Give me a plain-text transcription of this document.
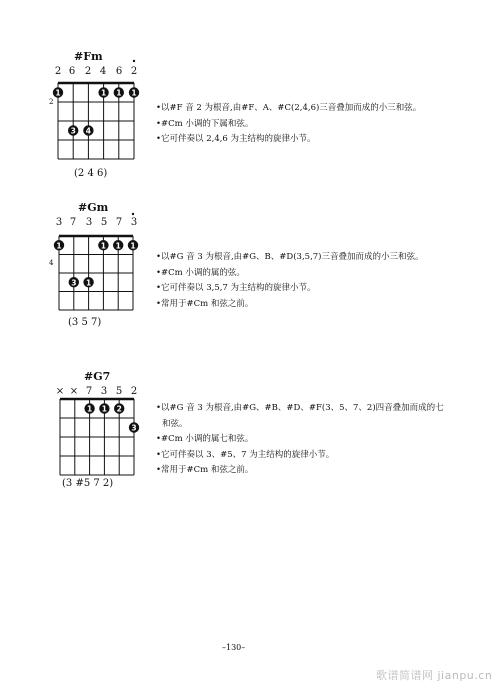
#Fm
2 6 2 4 6 2
2
1	1 1 1
3 4
(2 4 6)
•以#F 音 2 为根音,由#F、A、#C(2,4,6)三音叠加而成的小三和弦。
•#Cm 小调的下属和弦。
•它可伴奏以 2,4,6 为主结构的旋律小节。
#Gm
3 7 3 5 7 3
4
1	1 1 1
3 1
(3 5 7)
•以#G 音 3 为根音,由#G、B、#D(3,5,7)三音叠加而成的小三和弦。
•#Cm 小调的属的弦。
•它可伴奏以 3,5,7 为主结构的旋律小节。
•常用于#Cm 和弦之前。
#G7
× × 7 3 5 2
1 1 2
3
(3 #5 7 2)
•以#G 音 3 为根音,由#G、#B、#D、#F(3、5、7、2)四音叠加而成的七
和弦。
•#Cm 小调的属七和弦。
•它可伴奏以 3、#5、7 为主结构的旋律小节。
•常用于#Cm 和弦之前。
–130–
歌谱简谱网 jianpu.cn
